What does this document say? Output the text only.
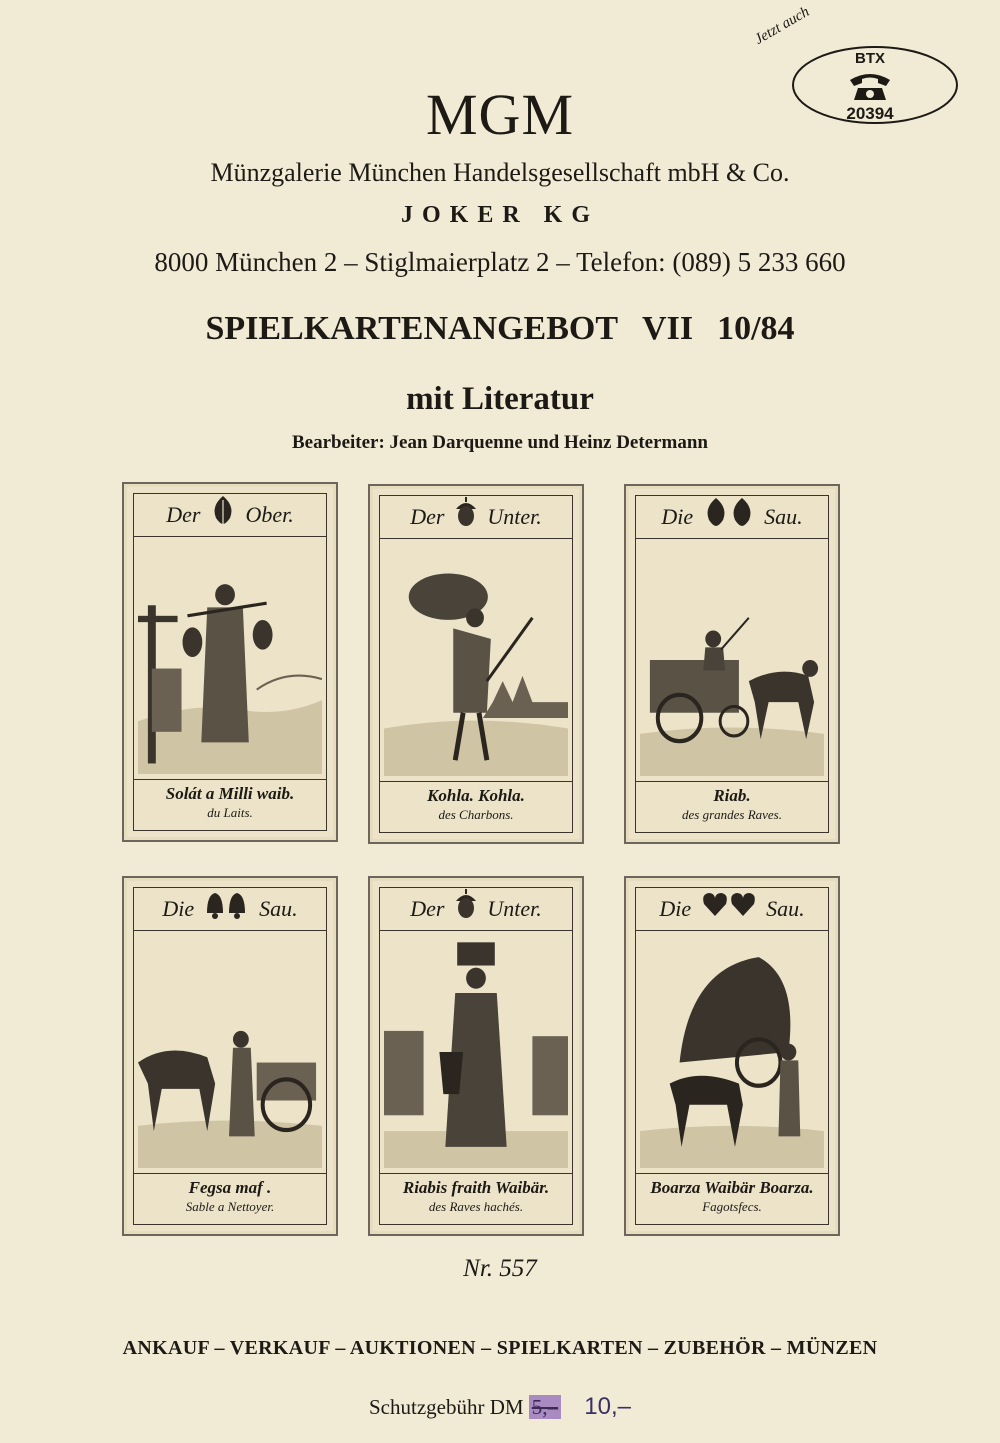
MGM
Münzgalerie München Handelsgesellschaft mbH & Co.
JOKER KG
8000 München 2 – Stiglmaierplatz 2 – Telefon: (089) 5 233 660
SPIELKARTENANGEBOT VII 10/84
mit Literatur
Bearbeiter: Jean Darquenne und Heinz Determann
Jetzt auch
BTX
20394
Der Ober.
Solát a Milli waib.
du Laits.
Der Unter.
Kohla. Kohla.
des Charbons.
Die	Sau.
Riab.
des grandes Raves.
Die	Sau.
Fegsa maf .
Sable a Nettoyer.
Der Unter.
Riabis fraith Waibär.
des Raves hachés.
Die	Sau.
Boarza Waibär Boarza.
Fagotsfecs.
Nr. 557
ANKAUF – VERKAUF – AUKTIONEN – SPIELKARTEN – ZUBEHÖR – MÜNZEN
Schutzgebühr DM 5,– 10,–
